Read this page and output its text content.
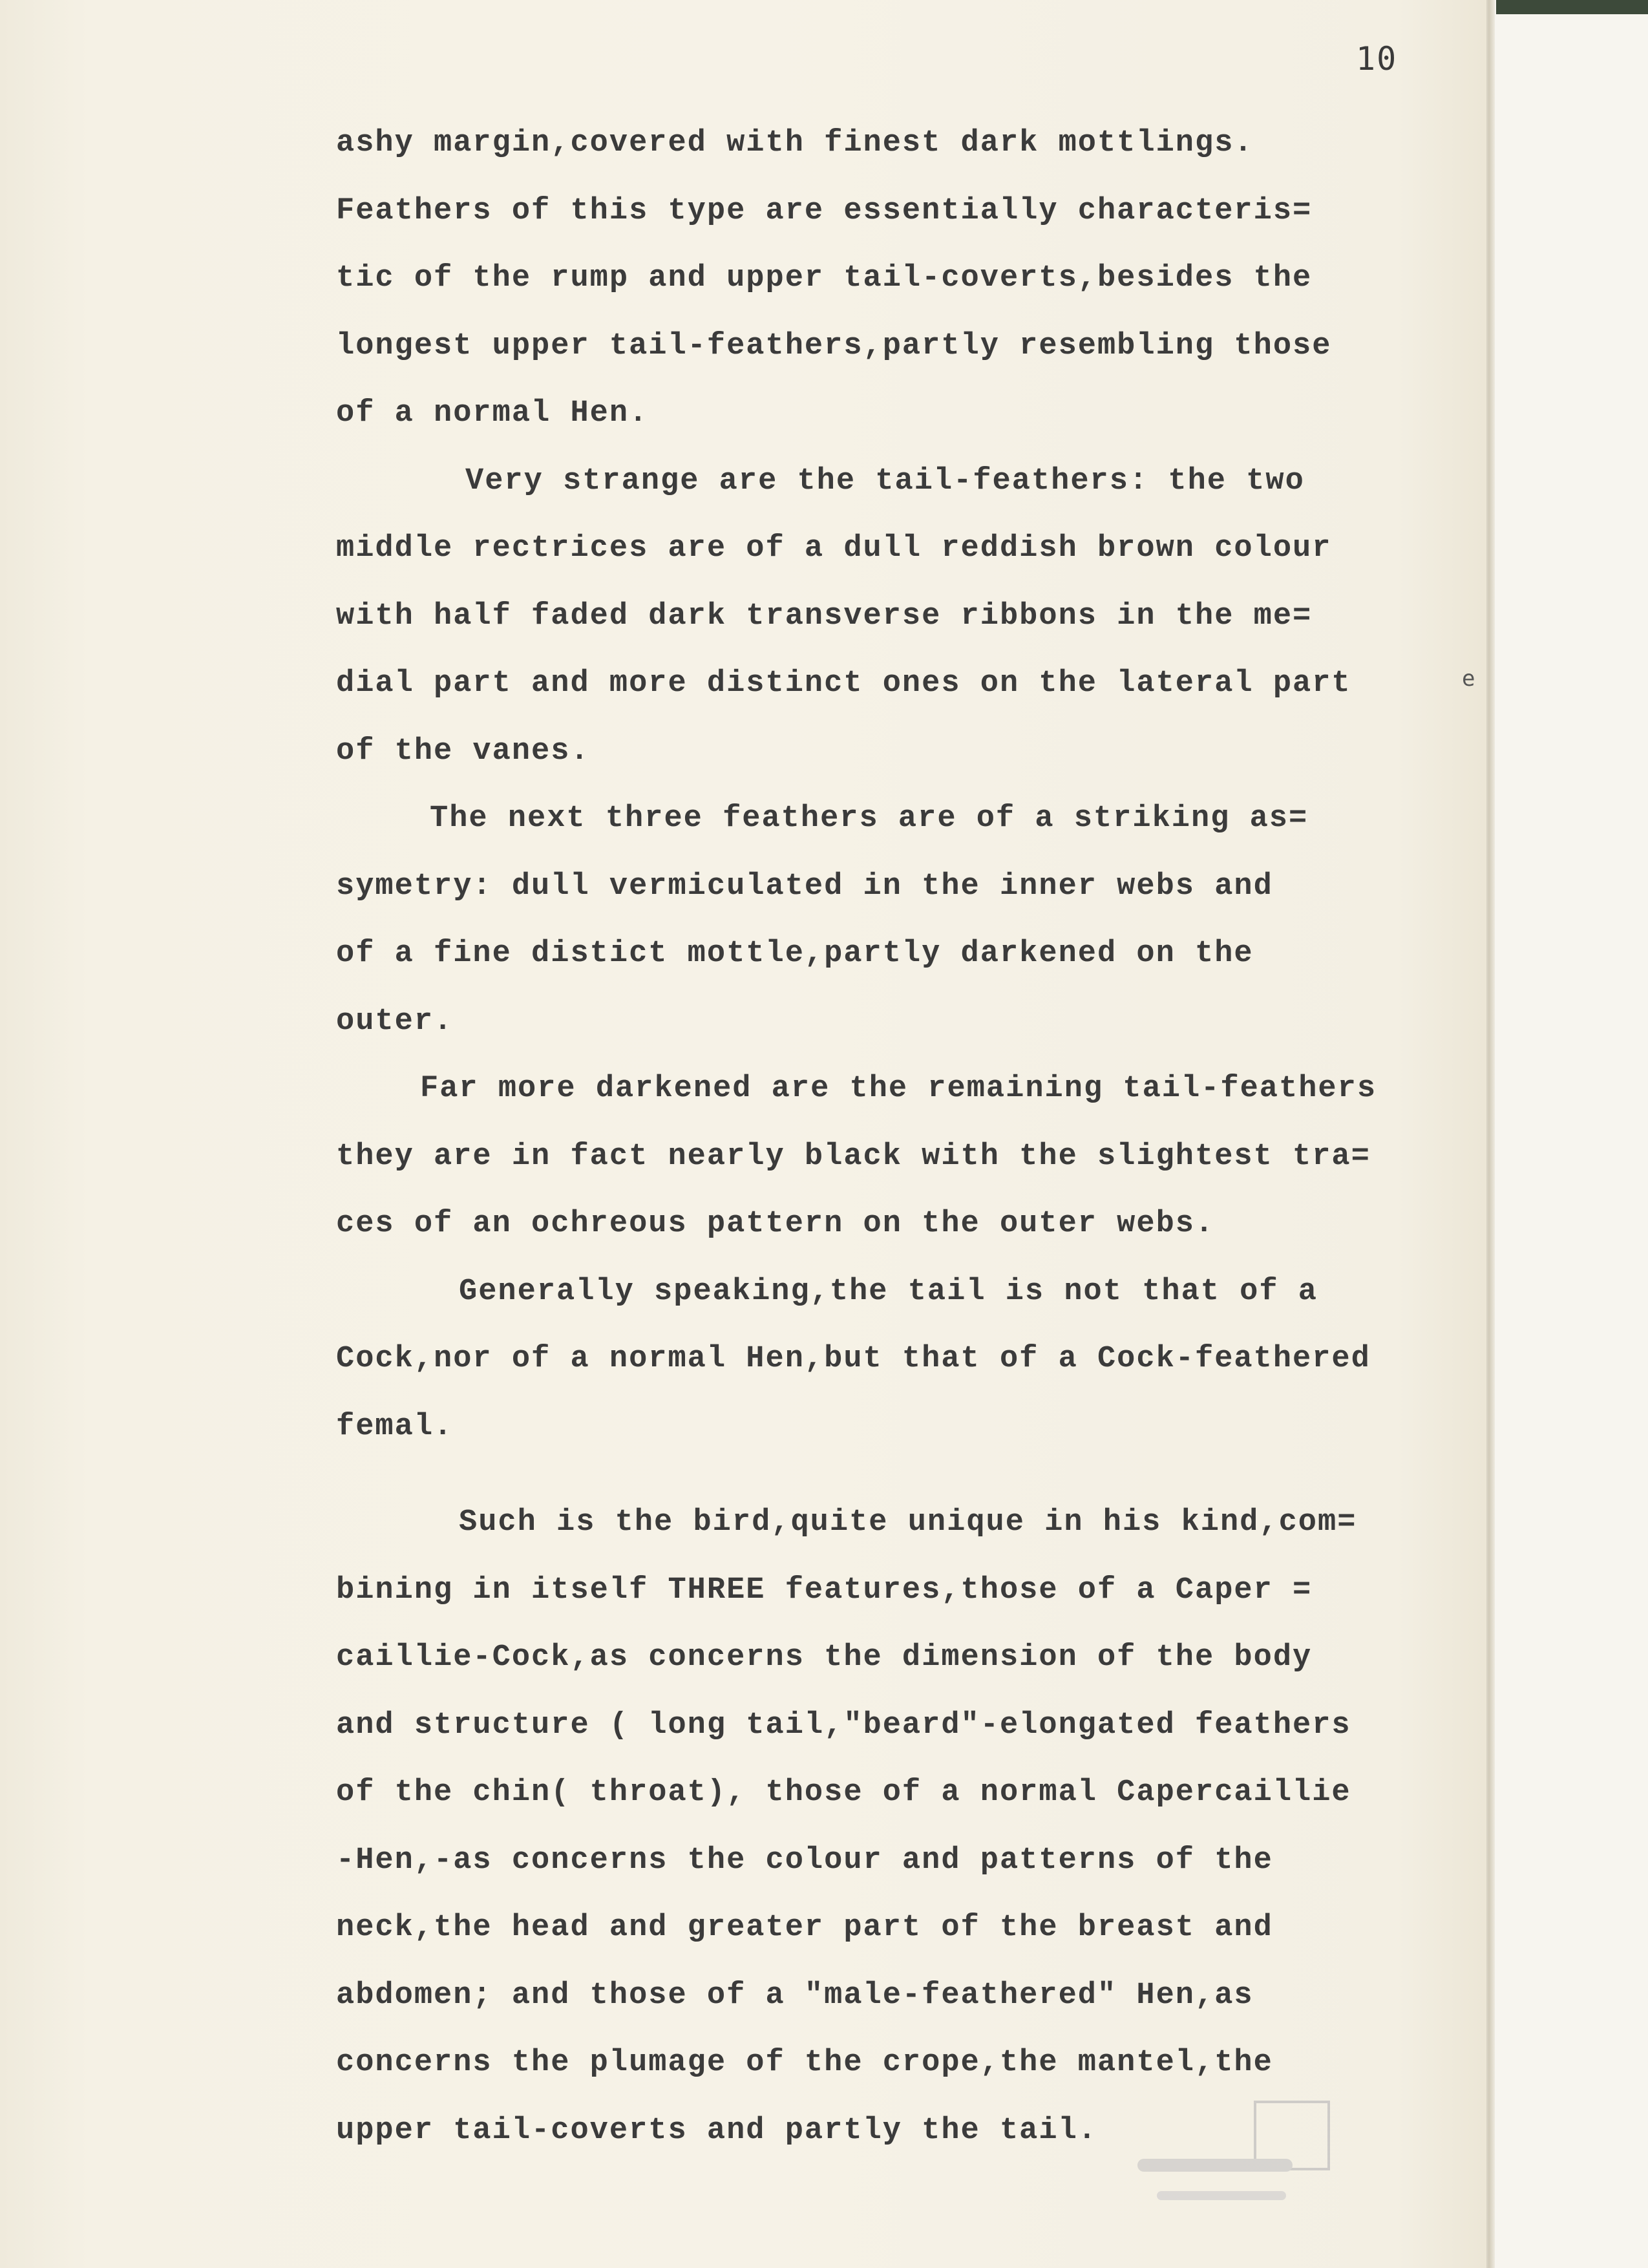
10
ashy margin,covered with finest dark mottlings.
Feathers of this type are essentially characteris=
tic of the rump and upper tail-coverts,besides the
longest upper tail-feathers,partly resembling those
of a normal Hen.
Very strange are the tail-feathers: the two
middle rectrices are of a dull reddish brown colour
with half faded dark transverse ribbons in the me=
dial part and more distinct ones on the lateral part
of the vanes.
The next three feathers are of a striking as=
symetry: dull vermiculated in the inner webs and
of a fine distict mottle,partly darkened on the
outer.
Far more darkened are the remaining tail-feathers
they are in fact nearly black with the slightest tra=
ces of an ochreous pattern on the outer webs.
Generally speaking,the tail is not that of a
Cock,nor of a normal Hen,but that of a Cock-feathered
femal.
Such is the bird,quite unique in his kind,com=
bining in itself THREE features,those of a Caper =
caillie-Cock,as concerns the dimension of the body
and structure ( long tail,"beard"-elongated feathers
of the chin( throat), those of a normal Capercaillie
-Hen,-as concerns the colour and patterns of the
neck,the head and greater part of the breast and
abdomen; and those of a "male-feathered" Hen,as
concerns the plumage of the crope,the mantel,the
upper tail-coverts and partly the tail.
e
